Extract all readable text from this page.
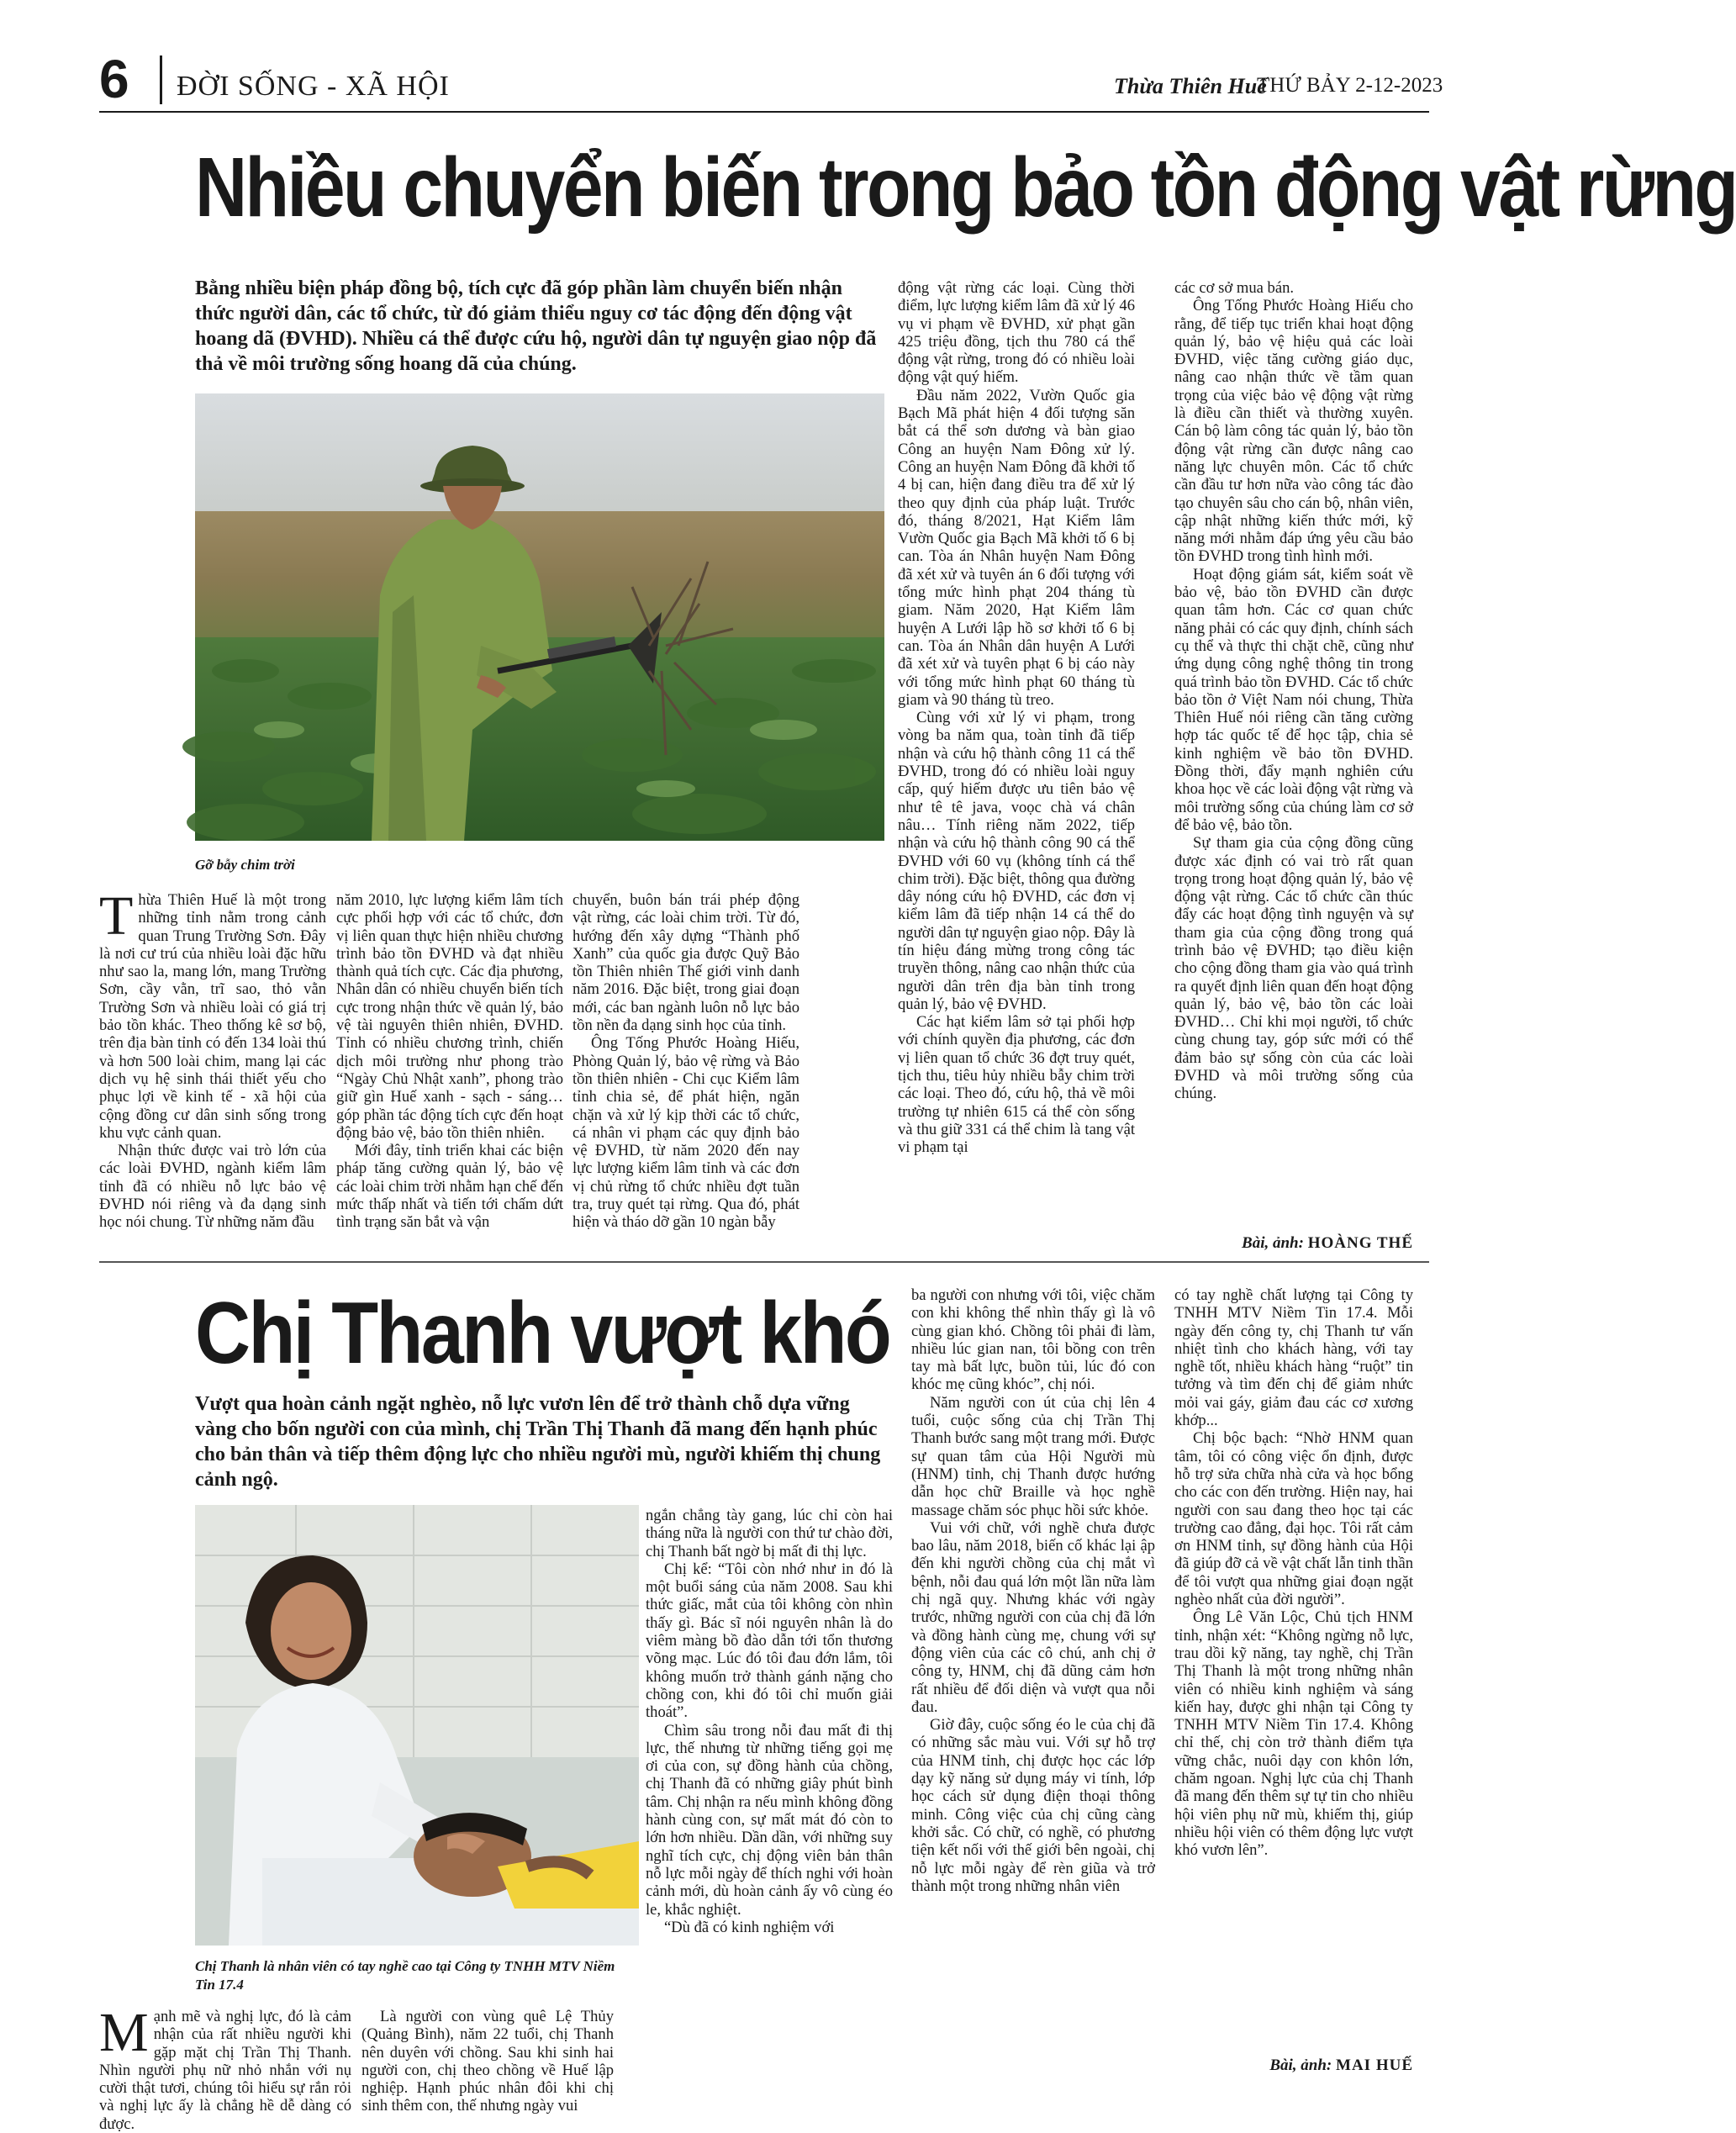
6 ĐỜI SỐNG - XÃ HỘI	Thừa Thiên Huế
THỨ BẢY 2-12-2023
Nhiều chuyển biến trong bảo tồn động vật rừng
Bằng nhiều biện pháp đồng bộ, tích cực đã góp phần làm chuyển biến nhận thức người dân, các tổ chức, từ đó giảm thiểu nguy cơ tác động đến động vật hoang dã (ĐVHD). Nhiều cá thể được cứu hộ, người dân tự nguyện giao nộp đã thả về môi trường sống hoang dã của chúng.
Gỡ bẫy chim trời

Thừa Thiên Huế là một trong những tỉnh nằm trong cảnh quan Trung Trường Sơn. Đây là nơi cư trú của nhiều loài đặc hữu như sao la, mang lớn, mang Trường Sơn, cầy vằn, trĩ sao, thỏ vằn Trường Sơn và nhiều loài có giá trị bảo tồn khác. Theo thống kê sơ bộ, trên địa bàn tỉnh có đến 134 loài thú và hơn 500 loài chim, mang lại các dịch vụ hệ sinh thái thiết yếu cho phục lợi về kinh tế - xã hội của cộng đồng cư dân sinh sống trong khu vực cảnh quan.

Nhận thức được vai trò lớn của các loài ĐVHD, ngành kiểm lâm tỉnh đã có nhiều nỗ lực bảo vệ ĐVHD nói riêng và đa dạng sinh học nói chung. Từ những năm đầu

năm 2010, lực lượng kiểm lâm tích cực phối hợp với các tổ chức, đơn vị liên quan thực hiện nhiều chương trình bảo tồn ĐVHD và đạt nhiều thành quả tích cực. Các địa phương, Nhân dân có nhiều chuyển biến tích cực trong nhận thức về quản lý, bảo vệ tài nguyên thiên nhiên, ĐVHD. Tỉnh có nhiều chương trình, chiến dịch môi trường như phong trào “Ngày Chủ Nhật xanh”, phong trào giữ gìn Huế xanh - sạch - sáng… góp phần tác động tích cực đến hoạt động bảo vệ, bảo tồn thiên nhiên.

Mới đây, tỉnh triển khai các biện pháp tăng cường quản lý, bảo vệ các loài chim trời nhằm hạn chế đến mức thấp nhất và tiến tới chấm dứt tình trạng săn bắt và vận

chuyển, buôn bán trái phép động vật rừng, các loài chim trời. Từ đó, hướng đến xây dựng “Thành phố Xanh” của quốc gia được Quỹ Bảo tồn Thiên nhiên Thế giới vinh danh năm 2016. Đặc biệt, trong giai đoạn mới, các ban ngành luôn nỗ lực bảo tồn nền đa dạng sinh học của tỉnh.

Ông Tống Phước Hoàng Hiếu, Phòng Quản lý, bảo vệ rừng và Bảo tồn thiên nhiên - Chi cục Kiểm lâm tỉnh chia sẻ, để phát hiện, ngăn chặn và xử lý kịp thời các tổ chức, cá nhân vi phạm các quy định bảo vệ ĐVHD, từ năm 2020 đến nay lực lượng kiểm lâm tỉnh và các đơn vị chủ rừng tổ chức nhiều đợt tuần tra, truy quét tại rừng. Qua đó, phát hiện và tháo dỡ gần 10 ngàn bẫy

động vật rừng các loại. Cùng thời điểm, lực lượng kiểm lâm đã xử lý 46 vụ vi phạm về ĐVHD, xử phạt gần 425 triệu đồng, tịch thu 780 cá thể động vật rừng, trong đó có nhiều loài động vật quý hiếm.

Đầu năm 2022, Vườn Quốc gia Bạch Mã phát hiện 4 đối tượng săn bắt cá thể sơn dương và bàn giao Công an huyện Nam Đông xử lý. Công an huyện Nam Đông đã khởi tố 4 bị can, hiện đang điều tra để xử lý theo quy định của pháp luật. Trước đó, tháng 8/2021, Hạt Kiểm lâm Vườn Quốc gia Bạch Mã khởi tố 6 bị can. Tòa án Nhân huyện Nam Đông đã xét xử và tuyên án 6 đối tượng với tổng mức hình phạt 204 tháng tù giam. Năm 2020, Hạt Kiểm lâm huyện A Lưới lập hồ sơ khởi tố 6 bị can. Tòa án Nhân dân huyện A Lưới đã xét xử và tuyên phạt 6 bị cáo này với tổng mức hình phạt 60 tháng tù giam và 90 tháng tù treo.

Cùng với xử lý vi phạm, trong vòng ba năm qua, toàn tỉnh đã tiếp nhận và cứu hộ thành công 11 cá thể ĐVHD, trong đó có nhiều loài nguy cấp, quý hiếm được ưu tiên bảo vệ như tê tê java, voọc chà vá chân nâu… Tính riêng năm 2022, tiếp nhận và cứu hộ thành công 90 cá thể ĐVHD với 60 vụ (không tính cá thể chim trời). Đặc biệt, thông qua đường dây nóng cứu hộ ĐVHD, các đơn vị kiểm lâm đã tiếp nhận 14 cá thể do người dân tự nguyện giao nộp. Đây là tín hiệu đáng mừng trong công tác truyền thông, nâng cao nhận thức của người dân trên địa bàn tỉnh trong quản lý, bảo vệ ĐVHD.

Các hạt kiểm lâm sở tại phối hợp với chính quyền địa phương, các đơn vị liên quan tổ chức 36 đợt truy quét, tịch thu, tiêu hủy nhiều bẫy chim trời các loại. Theo đó, cứu hộ, thả về môi trường tự nhiên 615 cá thể còn sống và thu giữ 331 cá thể chim là tang vật vi phạm tại

các cơ sở mua bán.

Ông Tống Phước Hoàng Hiếu cho rằng, để tiếp tục triển khai hoạt động quản lý, bảo vệ hiệu quả các loài ĐVHD, việc tăng cường giáo dục, nâng cao nhận thức về tầm quan trọng của việc bảo vệ động vật rừng là điều cần thiết và thường xuyên. Cán bộ làm công tác quản lý, bảo tồn động vật rừng cần được nâng cao năng lực chuyên môn. Các tổ chức cần đầu tư hơn nữa vào công tác đào tạo chuyên sâu cho cán bộ, nhân viên, cập nhật những kiến thức mới, kỹ năng mới nhằm đáp ứng yêu cầu bảo tồn ĐVHD trong tình hình mới.

Hoạt động giám sát, kiểm soát về bảo vệ, bảo tồn ĐVHD cần được quan tâm hơn. Các cơ quan chức năng phải có các quy định, chính sách cụ thể và thực thi chặt chẽ, cũng như ứng dụng công nghệ thông tin trong quá trình bảo tồn ĐVHD. Các tổ chức bảo tồn ở Việt Nam nói chung, Thừa Thiên Huế nói riêng cần tăng cường hợp tác quốc tế để học tập, chia sẻ kinh nghiệm về bảo tồn ĐVHD. Đồng thời, đẩy mạnh nghiên cứu khoa học về các loài động vật rừng và môi trường sống của chúng làm cơ sở để bảo vệ, bảo tồn.

Sự tham gia của cộng đồng cũng được xác định có vai trò rất quan trọng trong hoạt động quản lý, bảo vệ động vật rừng. Các tổ chức cần thúc đẩy các hoạt động tình nguyện và sự tham gia của cộng đồng trong quá trình bảo vệ ĐVHD; tạo điều kiện cho cộng đồng tham gia vào quá trình ra quyết định liên quan đến hoạt động quản lý, bảo vệ, bảo tồn các loài ĐVHD… Chỉ khi mọi người, tổ chức cùng chung tay, góp sức mới có thể đảm bảo sự sống còn của các loài ĐVHD và môi trường sống của chúng.

Bài, ảnh: HOÀNG THẾ
Chị Thanh vượt khó
Vượt qua hoàn cảnh ngặt nghèo, nỗ lực vươn lên để trở thành chỗ dựa vững vàng cho bốn người con của mình, chị Trần Thị Thanh đã mang đến hạnh phúc cho bản thân và tiếp thêm động lực cho nhiều người mù, người khiếm thị chung cảnh ngộ.
Chị Thanh là nhân viên có tay nghề cao tại Công ty TNHH MTV Niềm Tin 17.4

Mạnh mẽ và nghị lực, đó là cảm nhận của rất nhiều người khi gặp mặt chị Trần Thị Thanh. Nhìn người phụ nữ nhỏ nhắn với nụ cười thật tươi, chúng tôi hiểu sự rắn rỏi và nghị lực ấy là chẳng hề dễ dàng có được.

Là người con vùng quê Lệ Thủy (Quảng Bình), năm 22 tuổi, chị Thanh nên duyên với chồng. Sau khi sinh hai người con, chị theo chồng về Huế lập nghiệp. Hạnh phúc nhân đôi khi chị sinh thêm con, thế nhưng ngày vui

ngắn chẳng tày gang, lúc chỉ còn hai tháng nữa là người con thứ tư chào đời, chị Thanh bất ngờ bị mất đi thị lực.

Chị kể: “Tôi còn nhớ như in đó là một buổi sáng của năm 2008. Sau khi thức giấc, mắt của tôi không còn nhìn thấy gì. Bác sĩ nói nguyên nhân là do viêm màng bồ đào dẫn tới tổn thương võng mạc. Lúc đó tôi đau đớn lắm, tôi không muốn trở thành gánh nặng cho chồng con, khi đó tôi chỉ muốn giải thoát”.

Chìm sâu trong nỗi đau mất đi thị lực, thế nhưng từ những tiếng gọi mẹ ơi của con, sự đồng hành của chồng, chị Thanh đã có những giây phút bình tâm. Chị nhận ra nếu mình không đồng hành cùng con, sự mất mát đó còn to lớn hơn nhiều. Dần dần, với những suy nghĩ tích cực, chị động viên bản thân nỗ lực mỗi ngày để thích nghi với hoàn cảnh mới, dù hoàn cảnh ấy vô cùng éo le, khắc nghiệt.

“Dù đã có kinh nghiệm với

ba người con nhưng với tôi, việc chăm con khi không thể nhìn thấy gì là vô cùng gian khó. Chồng tôi phải đi làm, nhiều lúc gian nan, tôi bồng con trên tay mà bất lực, buồn tủi, lúc đó con khóc mẹ cũng khóc”, chị nói.

Năm người con út của chị lên 4 tuổi, cuộc sống của chị Trần Thị Thanh bước sang một trang mới. Được sự quan tâm của Hội Người mù (HNM) tỉnh, chị Thanh được hướng dẫn học chữ Braille và học nghề massage chăm sóc phục hồi sức khỏe.

Vui với chữ, với nghề chưa được bao lâu, năm 2018, biến cố khác lại ập đến khi người chồng của chị mắt vì bệnh, nỗi đau quá lớn một lần nữa làm chị ngã quỵ. Nhưng khác với ngày trước, những người con của chị đã lớn và đồng hành cùng mẹ, chung với sự động viên của các cô chú, anh chị ở công ty, HNM, chị đã dũng cảm hơn rất nhiều để đối diện và vượt qua nỗi đau.

Giờ đây, cuộc sống éo le của chị đã có những sắc màu vui. Với sự hỗ trợ của HNM tỉnh, chị được học các lớp dạy kỹ năng sử dụng máy vi tính, lớp học cách sử dụng điện thoại thông minh. Công việc của chị cũng càng khởi sắc. Có chữ, có nghề, có phương tiện kết nối với thế giới bên ngoài, chị nỗ lực mỗi ngày để rèn giũa và trở thành một trong những nhân viên

có tay nghề chất lượng tại Công ty TNHH MTV Niềm Tin 17.4. Mỗi ngày đến công ty, chị Thanh tư vấn nhiệt tình cho khách hàng, với tay nghề tốt, nhiều khách hàng “ruột” tin tưởng và tìm đến chị để giảm nhức mỏi vai gáy, giảm đau các cơ xương khớp...

Chị bộc bạch: “Nhờ HNM quan tâm, tôi có công việc ổn định, được hỗ trợ sửa chữa nhà cửa và học bổng cho các con đến trường. Hiện nay, hai người con sau đang theo học tại các trường cao đẳng, đại học. Tôi rất cảm ơn HNM tỉnh, sự đồng hành của Hội đã giúp đỡ cả về vật chất lẫn tinh thần để tôi vượt qua những giai đoạn ngặt nghèo nhất của đời người”.

Ông Lê Văn Lộc, Chủ tịch HNM tỉnh, nhận xét: “Không ngừng nỗ lực, trau dồi kỹ năng, tay nghề, chị Trần Thị Thanh là một trong những nhân viên có nhiều kinh nghiệm và sáng kiến hay, được ghi nhận tại Công ty TNHH MTV Niềm Tin 17.4. Không chỉ thế, chị còn trở thành điểm tựa vững chắc, nuôi dạy con khôn lớn, chăm ngoan. Nghị lực của chị Thanh đã mang đến thêm sự tự tin cho nhiều hội viên phụ nữ mù, khiếm thị, giúp nhiều hội viên có thêm động lực vượt khó vươn lên”.

Bài, ảnh: MAI HUẾ
